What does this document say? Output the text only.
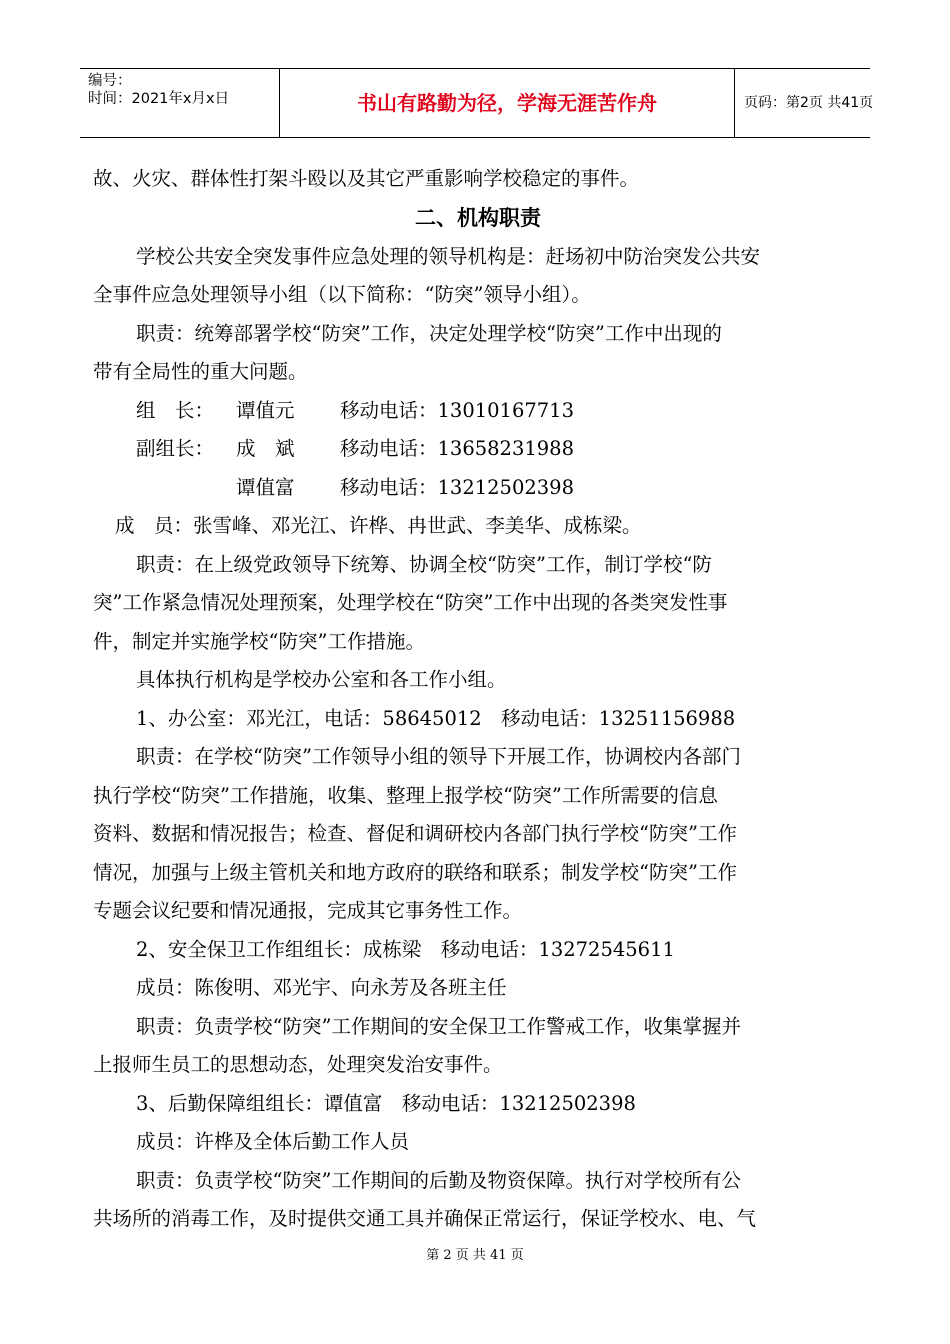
编号：
时间：2021年x月x日	书山有路勤为径，学海无涯苦作舟	页码：第2页 共41页
故、火灾、群体性打架斗殴以及其它严重影响学校稳定的事件。
二、机构职责
学校公共安全突发事件应急处理的领导机构是：赶场初中防治突发公共安
全事件应急处理领导小组（以下简称：“防突”领导小组）。
职责：统筹部署学校“防突”工作，决定处理学校“防突”工作中出现的
带有全局性的重大问题。
组　长： 谭值元 移动电话：13010167713
副组长： 成　斌 移动电话：13658231988
谭值富 移动电话：13212502398
成　员：张雪峰、邓光江、许桦、冉世武、李美华、成栋梁。
职责：在上级党政领导下统筹、协调全校“防突”工作，制订学校“防
突”工作紧急情况处理预案，处理学校在“防突”工作中出现的各类突发性事
件，制定并实施学校“防突”工作措施。
具体执行机构是学校办公室和各工作小组。
1、办公室：邓光江，电话：58645012　移动电话：13251156988
职责：在学校“防突”工作领导小组的领导下开展工作，协调校内各部门
执行学校“防突”工作措施，收集、整理上报学校“防突”工作所需要的信息
资料、数据和情况报告；检查、督促和调研校内各部门执行学校“防突”工作
情况，加强与上级主管机关和地方政府的联络和联系；制发学校“防突”工作
专题会议纪要和情况通报，完成其它事务性工作。
2、安全保卫工作组组长：成栋梁　移动电话：13272545611
成员：陈俊明、邓光宇、向永芳及各班主任
职责：负责学校“防突”工作期间的安全保卫工作警戒工作，收集掌握并
上报师生员工的思想动态，处理突发治安事件。
3、后勤保障组组长：谭值富　移动电话：13212502398
成员：许桦及全体后勤工作人员
职责：负责学校“防突”工作期间的后勤及物资保障。执行对学校所有公
共场所的消毒工作，及时提供交通工具并确保正常运行，保证学校水、电、气
第 2 页 共 41 页
